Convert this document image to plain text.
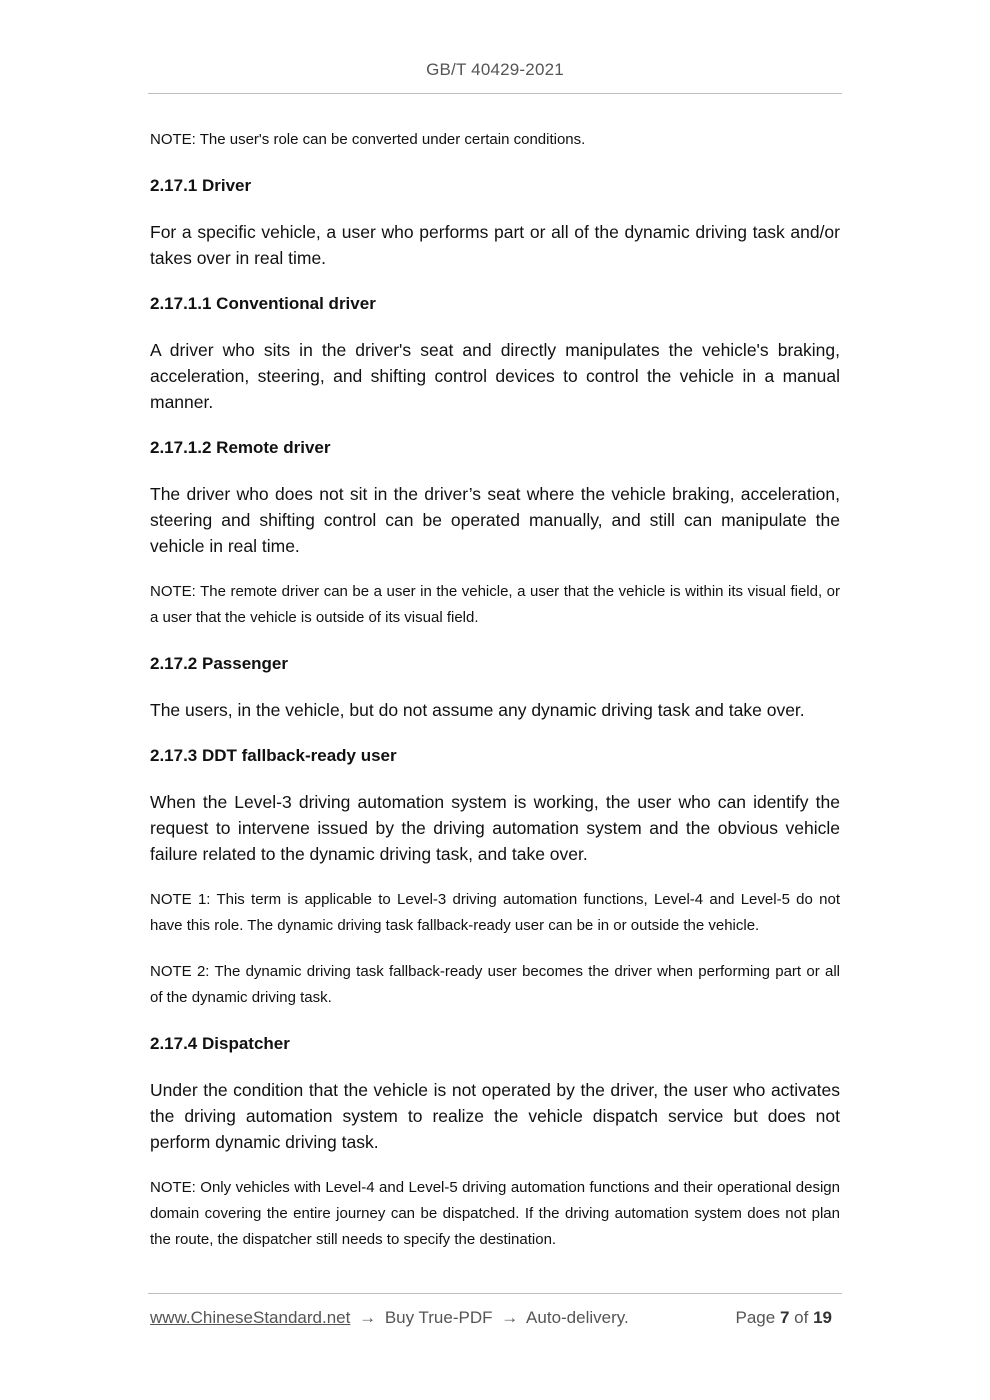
GB/T 40429-2021

NOTE: The user's role can be converted under certain conditions.

2.17.1 Driver

For a specific vehicle, a user who performs part or all of the dynamic driving task and/or takes over in real time.

2.17.1.1 Conventional driver

A driver who sits in the driver's seat and directly manipulates the vehicle's braking, acceleration, steering, and shifting control devices to control the vehicle in a manual manner.

2.17.1.2 Remote driver

The driver who does not sit in the driver’s seat where the vehicle braking, acceleration, steering and shifting control can be operated manually, and still can manipulate the vehicle in real time.

NOTE: The remote driver can be a user in the vehicle, a user that the vehicle is within its visual field, or a user that the vehicle is outside of its visual field.

2.17.2 Passenger

The users, in the vehicle, but do not assume any dynamic driving task and take over.

2.17.3 DDT fallback-ready user

When the Level-3 driving automation system is working, the user who can identify the request to intervene issued by the driving automation system and the obvious vehicle failure related to the dynamic driving task, and take over.

NOTE 1: This term is applicable to Level-3 driving automation functions, Level-4 and Level-5 do not have this role. The dynamic driving task fallback-ready user can be in or outside the vehicle.

NOTE 2: The dynamic driving task fallback-ready user becomes the driver when performing part or all of the dynamic driving task.

2.17.4 Dispatcher

Under the condition that the vehicle is not operated by the driver, the user who activates the driving automation system to realize the vehicle dispatch service but does not perform dynamic driving task.

NOTE: Only vehicles with Level-4 and Level-5 driving automation functions and their operational design domain covering the entire journey can be dispatched. If the driving automation system does not plan the route, the dispatcher still needs to specify the destination.

www.ChineseStandard.net → Buy True-PDF → Auto-delivery.	Page 7 of 19
